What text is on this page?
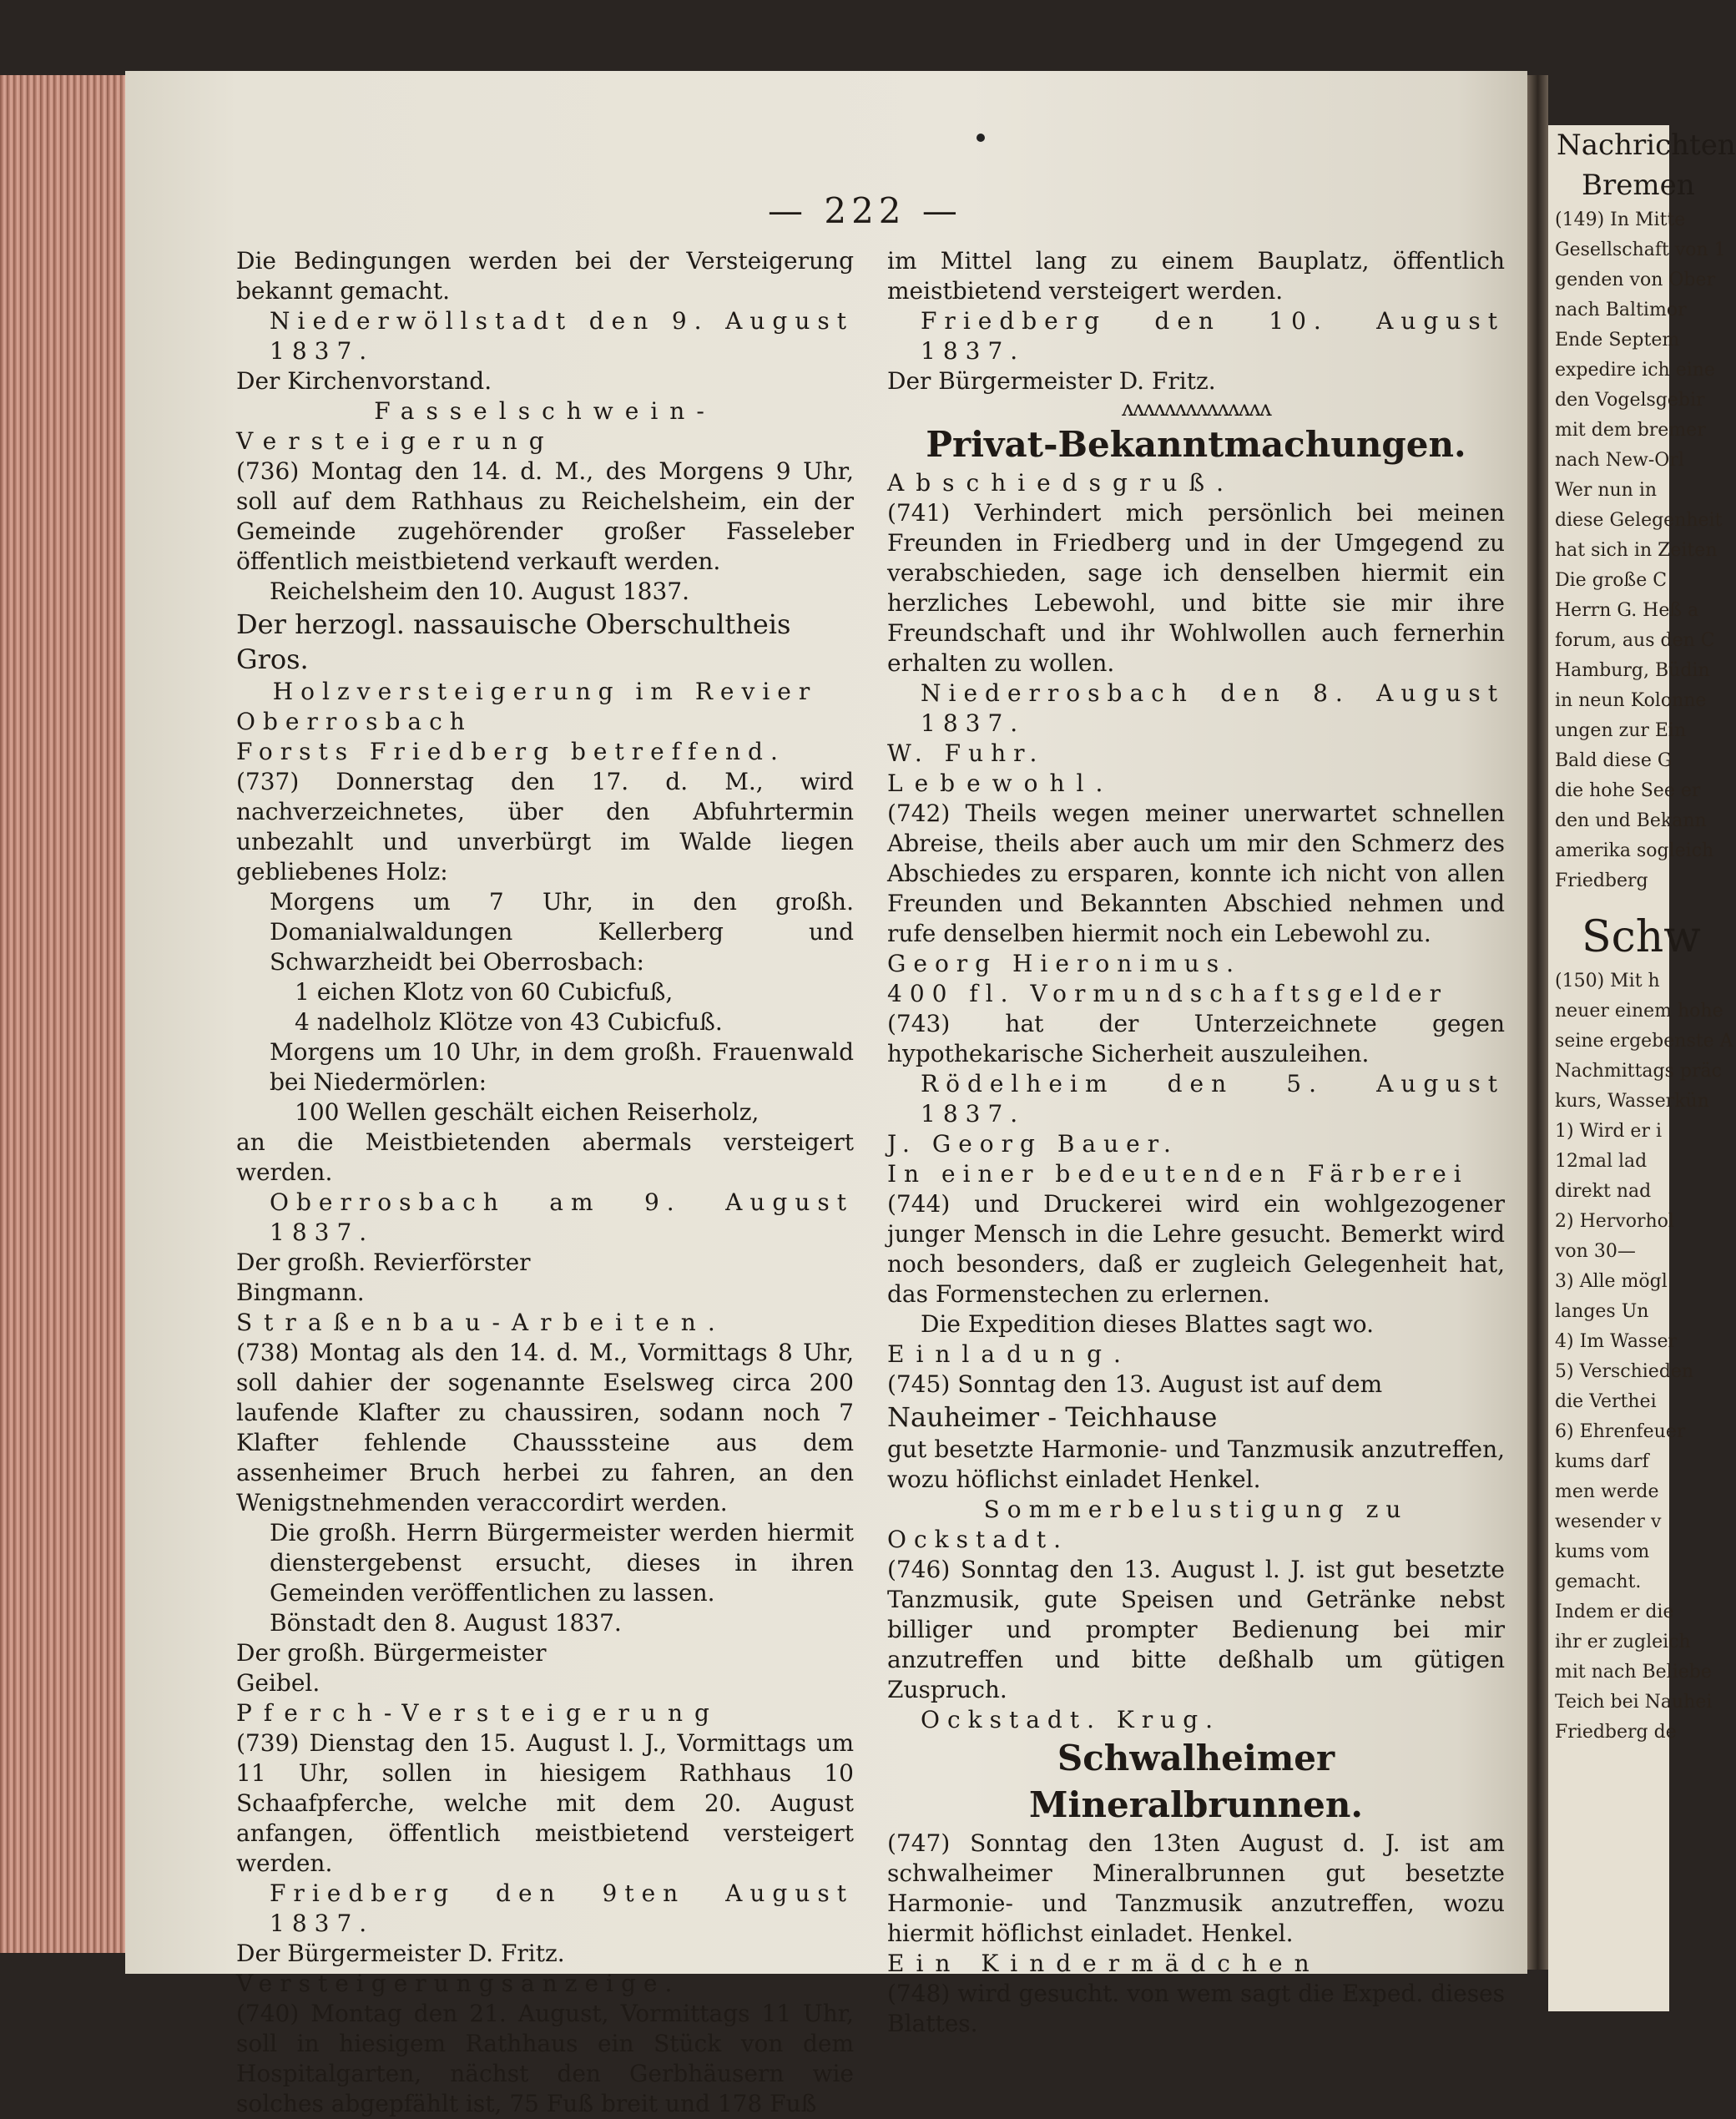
— 222 —
Die Bedingungen werden bei der Versteigerung bekannt gemacht.
Niederwöllstadt den 9. August 1837.
Der Kirchenvorstand.
Fasselschwein-Versteigerung
(736) Montag den 14. d. M., des Morgens 9 Uhr, soll auf dem Rathhaus zu Reichelsheim, ein der Gemeinde zugehörender großer Fasseleber öffentlich meistbietend verkauft werden.
Reichelsheim den 10. August 1837.
Der herzogl. nassauische Oberschultheis
Gros.
Holzversteigerung im Revier Oberrosbach
Forsts Friedberg betreffend.
(737) Donnerstag den 17. d. M., wird nachverzeichnetes, über den Abfuhrtermin unbezahlt und unverbürgt im Walde liegen gebliebenes Holz:
Morgens um 7 Uhr, in den großh. Domanialwaldungen Kellerberg und Schwarzheidt bei Oberrosbach:
1 eichen Klotz von 60 Cubicfuß,
4 nadelholz Klötze von 43 Cubicfuß.
Morgens um 10 Uhr, in dem großh. Frauenwald bei Niedermörlen:
100 Wellen geschält eichen Reiserholz,
an die Meistbietenden abermals versteigert werden.
Oberrosbach am 9. August 1837.
Der großh. Revierförster
Bingmann.
Straßenbau-Arbeiten.
(738) Montag als den 14. d. M., Vormittags 8 Uhr, soll dahier der sogenannte Eselsweg circa 200 laufende Klafter zu chaussiren, sodann noch 7 Klafter fehlende Chausssteine aus dem assenheimer Bruch herbei zu fahren, an den Wenigstnehmenden veraccordirt werden.
Die großh. Herrn Bürgermeister werden hiermit dienstergebenst ersucht, dieses in ihren Gemeinden veröffentlichen zu lassen.
Bönstadt den 8. August 1837.
Der großh. Bürgermeister
Geibel.
Pferch-Versteigerung
(739) Dienstag den 15. August l. J., Vormittags um 11 Uhr, sollen in hiesigem Rathhaus 10 Schaafpferche, welche mit dem 20. August anfangen, öffentlich meistbietend versteigert werden.
Friedberg den 9ten August 1837.
Der Bürgermeister D. Fritz.
Versteigerungsanzeige.
(740) Montag den 21. August, Vormittags 11 Uhr, soll in hiesigem Rathhaus ein Stück von dem Hospitalgarten, nächst den Gerbhäusern wie solches abgepfählt ist, 75 Fuß breit und 178 Fuß
im Mittel lang zu einem Bauplatz, öffentlich meistbietend versteigert werden.
Friedberg den 10. August 1837.
Der Bürgermeister D. Fritz.
ʌʌʌʌʌʌʌʌʌʌʌʌʌʌ
Privat-Bekanntmachungen.
Abschiedsgruß.
(741) Verhindert mich persönlich bei meinen Freunden in Friedberg und in der Umgegend zu verabschieden, sage ich denselben hiermit ein herzliches Lebewohl, und bitte sie mir ihre Freundschaft und ihr Wohlwollen auch fernerhin erhalten zu wollen.
Niederrosbach den 8. August 1837.
W. Fuhr.
Lebewohl.
(742) Theils wegen meiner unerwartet schnellen Abreise, theils aber auch um mir den Schmerz des Abschiedes zu ersparen, konnte ich nicht von allen Freunden und Bekannten Abschied nehmen und rufe denselben hiermit noch ein Lebewohl zu.
Georg Hieronimus.
400 fl. Vormundschaftsgelder
(743) hat der Unterzeichnete gegen hypothekarische Sicherheit auszuleihen.
Rödelheim den 5. August 1837.
J. Georg Bauer.
In einer bedeutenden Färberei
(744) und Druckerei wird ein wohlgezogener junger Mensch in die Lehre gesucht. Bemerkt wird noch besonders, daß er zugleich Gelegenheit hat, das Formenstechen zu erlernen.
Die Expedition dieses Blattes sagt wo.
Einladung.
(745) Sonntag den 13. August ist auf dem
Nauheimer - Teichhause
gut besetzte Harmonie- und Tanzmusik anzutreffen, wozu höflichst einladet Henkel.
Sommerbelustigung zu Ockstadt.
(746) Sonntag den 13. August l. J. ist gut besetzte Tanzmusik, gute Speisen und Getränke nebst billiger und prompter Bedienung bei mir anzutreffen und bitte deßhalb um gütigen Zuspruch.
Ockstadt. Krug.
Schwalheimer Mineralbrunnen.
(747) Sonntag den 13ten August d. J. ist am schwalheimer Mineralbrunnen gut besetzte Harmonie- und Tanzmusik anzutreffen, wozu hiermit höflichst einladet. Henkel.
Ein Kindermädchen
(748) wird gesucht. von wem sagt die Exped. dieses Blattes.
Nachrichten
Bremen
(149) In Mitte
Gesellschaft von 1
genden von Ober
nach Baltimor
Ende Septem
expedire ich eine
den Vogelsgebir
mit dem bremer
nach New-Orl
Wer nun in
diese Gelegenheit
hat sich in Zeiten
Die große C
Herrn G. Heß a
forum, aus den C
Hamburg, Büdin
in neun Kolonne
ungen zur Ein
Bald diese G
die hohe See er
den und Bekann
amerika sogleich
Friedberg
Schw
(150) Mit h
neuer einem hohe
seine ergebenste A
Nachmittags präc
kurs, Wasserkün
1) Wird er i
12mal lad
direkt nad
2) Hervorhol
von 30—
3) Alle mögl
langes Un
4) Im Wasser
5) Verschieden
die Verthei
6) Ehrenfeuer
kums darf
men werde
wesender v
kums vom
gemacht.
Indem er die
ihr er zugleich
mit nach Beliebe
Teich bei Nauhei
Friedberg de
